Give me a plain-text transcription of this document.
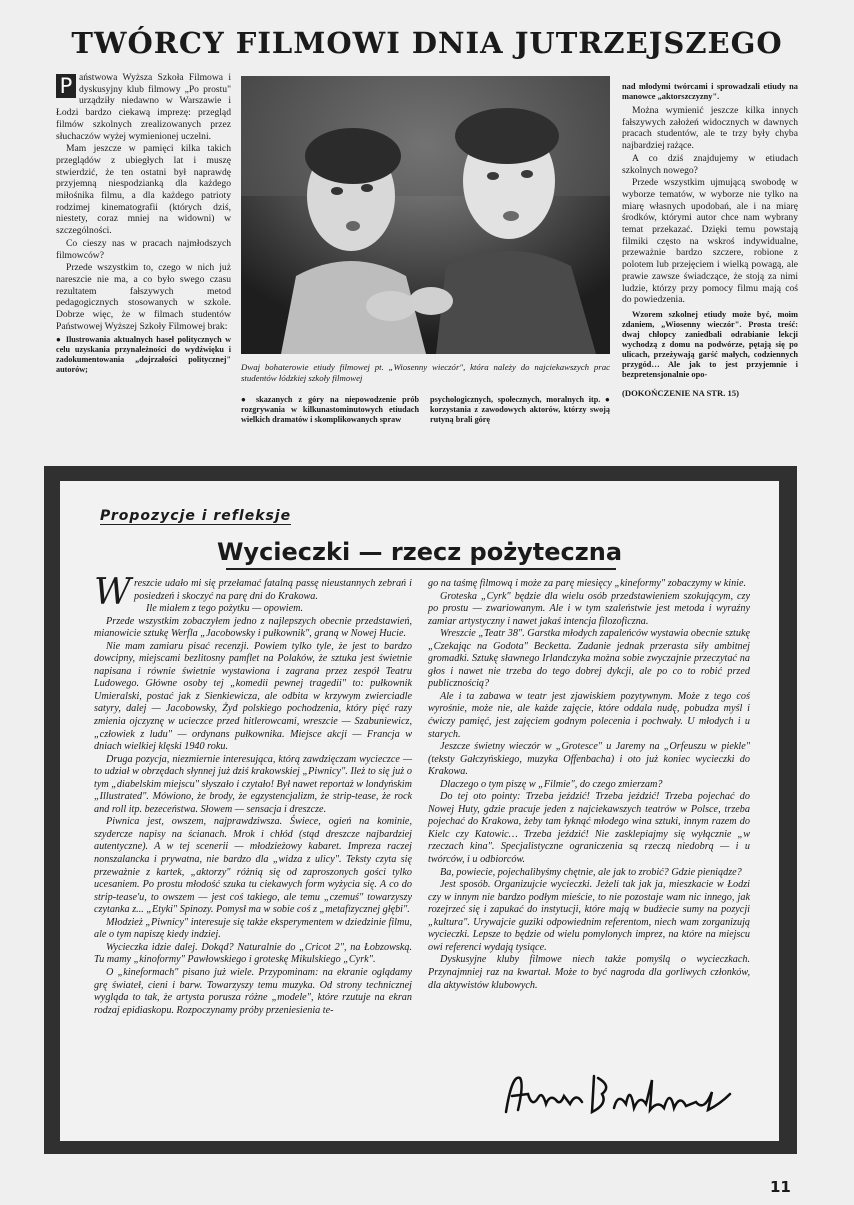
TWÓRCY FILMOWI DNIA JUTRZEJSZEGO
P aństwowa Wyższa Szkoła Filmowa i dyskusyjny klub filmowy „Po prostu" urządziły niedawno w Warszawie i Łodzi bardzo ciekawą imprezę: przegląd filmów szkolnych zrealizowanych przez słuchaczów wyżej wymienionej uczelni.

Mam jeszcze w pamięci kilka takich przeglądów z ubiegłych lat i muszę stwierdzić, że ten ostatni był naprawdę przyjemną niespodzianką dla każdego miłośnika filmu, a dla każdego patrioty rodzimej kinematografii (których dziś, niestety, coraz mniej na widowni) w szczególności.

Co cieszy nas w pracach najmłodszych filmowców?

Przede wszystkim to, czego w nich już nareszcie nie ma, a co było swego czasu rezultatem fałszywych metod pedagogicznych stosowanych w szkole. Dobrze więc, że w filmach studentów Państwowej Wyższej Szkoły Filmowej brak:

● Ilustrowania aktualnych haseł politycznych w celu uzyskania przynależności do wydźwięku i zadokumentowania „dojrzałości politycznej" autorów;	Dwaj bohaterowie etiudy filmowej pt. „Wiosenny wieczór", która należy do najciekawszych prac studentów łódzkiej szkoły filmowej
● skazanych z góry na niepowodzenie prób rozgrywania w kilkunastominutowych etiudach wielkich dramatów i skomplikowanych spraw
psychologicznych, społecznych, moralnych itp. ● korzystania z zawodowych aktorów, którzy swoją rutyną brali górę

nad młodymi twórcami i sprowadzali etiudy na manowce „aktorszczyzny".

Można wymienić jeszcze kilka innych fałszywych założeń widocznych w dawnych pracach studentów, ale te trzy były chyba najbardziej rażące.

A co dziś znajdujemy w etiudach szkolnych nowego?

Przede wszystkim ujmującą swobodę w wyborze tematów, w wyborze nie tylko na miarę własnych upodobań, ale i na miarę środków, którymi autor chce nam wybrany temat przekazać. Dzięki temu powstają filmiki często na wskroś indywidualne, przeważnie bardzo szczere, robione z polotem lub przejęciem i wielką powagą, ale prawie zawsze świadczące, że stoją za nimi ludzie, którzy przy pomocy filmu mają coś do powiedzenia.

Wzorem szkolnej etiudy może być, moim zdaniem, „Wiosenny wieczór". Prosta treść: dwaj chłopcy zaniedbali odrabianie lekcji wychodzą z domu na podwórze, pętają się po ulicach, przeżywają garść małych, codziennych przygód… Ale jak to jest przyjemnie i bezpretensjonalnie opo-

(DOKOŃCZENIE NA STR. 15)

Propozycje i refleksje
Wycieczki — rzecz pożyteczna
W reszcie udało mi się przełamać fatalną passę nieustannych zebrań i posiedzeń i skoczyć na parę dni do Krakowa.

Ile miałem z tego pożytku — opowiem.

Przede wszystkim zobaczyłem jedno z najlepszych obecnie przedstawień, mianowicie sztukę Werfla „Jacobowsky i pułkownik", graną w Nowej Hucie.

Nie mam zamiaru pisać recenzji. Powiem tylko tyle, że jest to bardzo dowcipny, miejscami bezlitosny pamflet na Polaków, że sztuka jest świetnie napisana i równie świetnie wystawiona i zagrana przez zespół Teatru Ludowego. Główne osoby tej „komedii pewnej tragedii" to: pułkownik Umieralski, postać jak z Sienkiewicza, ale odbita w krzywym zwierciadle satyry, dalej — Jacobowsky, Żyd polskiego pochodzenia, który pięć razy zmienia ojczyznę w ucieczce przed hitlerowcami, wreszcie — Szabuniewicz, „człowiek z ludu" — ordynans pułkownika. Miejsce akcji — Francja w dniach wielkiej klęski 1940 roku.

Druga pozycja, niezmiernie interesująca, którą zawdzięczam wycieczce — to udział w obrzędach słynnej już dziś krakowskiej „Piwnicy". Ileż to się już o tym „diabelskim miejscu" słyszało i czytało! Był nawet reportaż w londyńskim „Illustrated". Mówiono, że brody, że egzystencjalizm, że strip-tease, że rock and roll itp. bezecеństwa. Słowem — sensacja i dreszcze.

Piwnica jest, owszem, najprawdziwsza. Świece, ogień na kominie, szydercze napisy na ścianach. Mrok i chłód (stąd dreszcze najbardziej autentyczne). A w tej scenerii — młodzieżowy kabaret. Impreza raczej nonszalancka i prywatna, nie bardzo dla „widza z ulicy". Teksty czyta się przeważnie z kartek, „aktorzy" różnią się od zaproszonych gości tylko ucesaniem. Po prostu młodość szuka tu ciekawych form wyżycia się. A co do strip-tease'u, to owszem — jest coś takiego, ale temu „czemuś" towarzyszy czytanka z... „Etyki" Spinozy. Pomysł ma w sobie coś z „metafizycznej głębi".

Młodzież „Piwnicy" interesuje się także eksperymentem w dziedzinie filmu, ale o tym napiszę kiedy indziej.

Wycieczka idzie dalej. Dokąd? Naturalnie do „Cricot 2", na Łobzowską. Tu mamy „kinoformy" Pawłowskiego i groteskę Mikulskiego „Cyrk".

O „kineformach" pisano już wiele. Przypominam: na ekranie oglądamy grę świateł, cieni i barw. Towarzyszy temu muzyka. Od strony technicznej wygląda to tak, że artysta porusza różne „modele", które rzutuje na ekran rodzaj epidiaskopu. Rozpoczynamy próby przeniesienia te-

go na taśmę filmową i może za parę miesięcy „kineformy" zobaczymy w kinie.

Groteska „Cyrk" będzie dla wielu osób przedstawieniem szokującym, czy po prostu — zwariowanym. Ale i w tym szaleństwie jest metoda i wyraźny zamiar artystyczny i nawet jakaś intencja filozoficzna.

Wreszcie „Teatr 38". Garstka młodych zapaleńców wystawia obecnie sztukę „Czekając na Godota" Becketta. Zadanie jednak przerasta siły ambitnej gromadki. Sztukę sławnego Irlandczyka można sobie zwyczajnie przeczytać na głos i nawet nie trzeba do tego dobrej dykcji, ale po co to robić przed publicznością?

Ale i ta zabawa w teatr jest zjawiskiem pozytywnym. Może z tego coś wyrośnie, może nie, ale każde zajęcie, które oddala nudę, pobudza myśl i ćwiczy pamięć, jest zajęciem godnym polecenia i pochwały. U młodych i u starych.

Jeszcze świetny wieczór w „Grotesce" u Jaremy na „Orfeuszu w piekle" (teksty Gałczyńskiego, muzyka Offenbacha) i oto już koniec wycieczki do Krakowa.

Dlaczego o tym piszę w „Filmie", do czego zmierzam?

Do tej oto pointy: Trzeba jeździć! Trzeba jeździć! Trzeba pojechać do Nowej Huty, gdzie pracuje jeden z najciekawszych teatrów w Polsce, trzeba pojechać do Krakowa, żeby tam łyknąć młodego wina sztuki, innym razem do Kielc czy Katowic… Trzeba jeździć! Nie zasklepiajmy się wyłącznie „w rzeczach kina". Specjalistyczne ograniczenia są rzeczą niedobrą — i u twórców, i u odbiorców.

Ba, powiecie, pojechalibyśmy chętnie, ale jak to zrobić? Gdzie pieniądze?

Jest sposób. Organizujcie wycieczki. Jeżeli tak jak ja, mieszkacie w Łodzi czy w innym nie bardzo podłym mieście, to nie pozostaje wam nic innego, jak rozejrzeć się i zapukać do instytucji, które mają w budżecie sumy na pozycji „kultura". Urywajcie guziki odpowiednim referentom, niech wam zorganizują wycieczki. Lepsze to będzie od wielu pomylonych imprez, na które na miejscu owi referenci wydają tysiące.

Dyskusyjne kluby filmowe niech także pomyślą o wycieczkach. Przynajmniej raz na kwartał. Może to być nagroda dla gorliwych członków, dla aktywistów klubowych.

11
